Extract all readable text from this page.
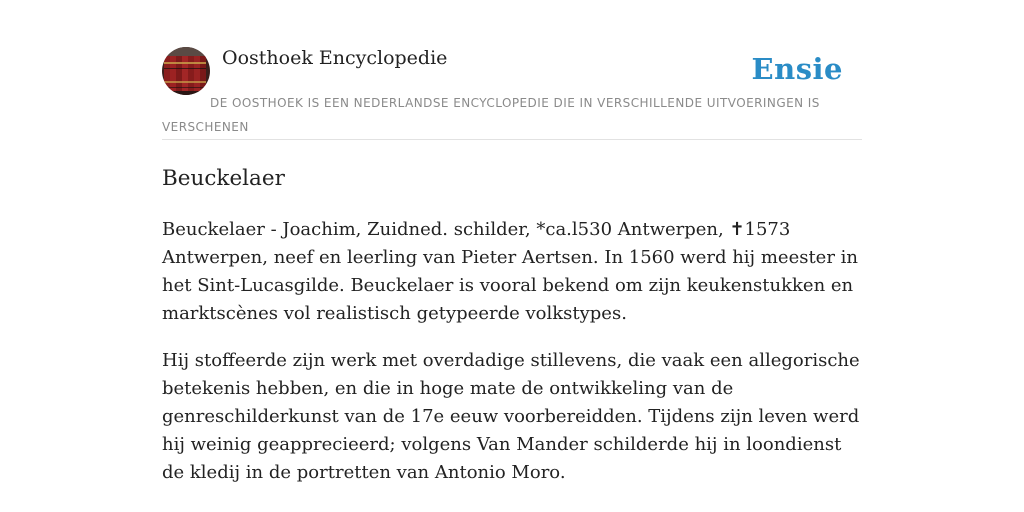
Oosthoek Encyclopedie	Ensie
DE OOSTHOEK IS EEN NEDERLANDSE ENCYCLOPEDIE DIE IN VERSCHILLENDE UITVOERINGEN IS VERSCHENEN
Beuckelaer

Beuckelaer - Joachim, Zuidned. schilder, *ca.l530 Antwerpen, ✝1573 Antwerpen, neef en leerling van Pieter Aertsen. In 1560 werd hij meester in het Sint-Lucasgilde. Beuckelaer is vooral bekend om zijn keukenstukken en marktscènes vol realistisch getypeerde volkstypes.

Hij stoffeerde zijn werk met overdadige stillevens, die vaak een allegorische betekenis hebben, en die in hoge mate de ontwikkeling van de genreschilderkunst van de 17e eeuw voorbereidden. Tijdens zijn leven werd hij weinig geapprecieerd; volgens Van Mander schilderde hij in loondienst de kledij in de portretten van Antonio Moro.
